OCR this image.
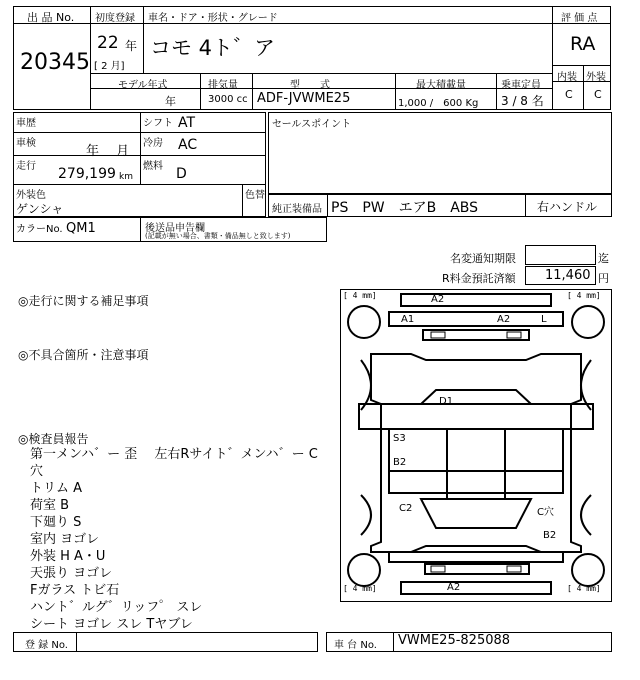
出 品 No.
20345
初度登録 車名・ドア・形状・グレード
22 年
[ 2 月]
コモ 4ト゛ア
モデル年式	排気量	型　　式	最大積載量	乗車定員
年	3000 cc ADF-JVWME25	1,000 /　600 Kg 3 / 8 名
評 価 点
RA
内装 外装
C C
車歴	シフト AT
車検
年　 月
冷房 AC
走行 279,199 km
燃料 D
外装色
ゲンシャ
色替
セールスポイント
純正装備品 PS　PW　エアB　ABS	右ハンドル
カラーNo. QM1	後送品申告欄
(記載が無い場合、書類・備品無しと致します)
名変通知期限	迄
R料金預託済額 11,460 円
◎走行に関する補足事項
◎不具合箇所・注意事項
◎検査員報告
第一メンハ゛ー 歪　 左右Rサイト゛メンハ゛ー C穴
トリム A
荷室 B
下廻り S
室内 ヨゴレ
外装 H A・U
天張り ヨゴレ
Fガラス トビ石
ハント゛ルグ゛リッフ゜ スレ
シート ヨゴレ スレ Tヤブレ
[ 4 mm]	[ 4 mm]
[ 4 mm]	[ 4 mm]
A2
A1	A2	L
D1
S3
B2
C2	C穴
B2
A2
登 録 No.	車 台 No. VWME25-825088
